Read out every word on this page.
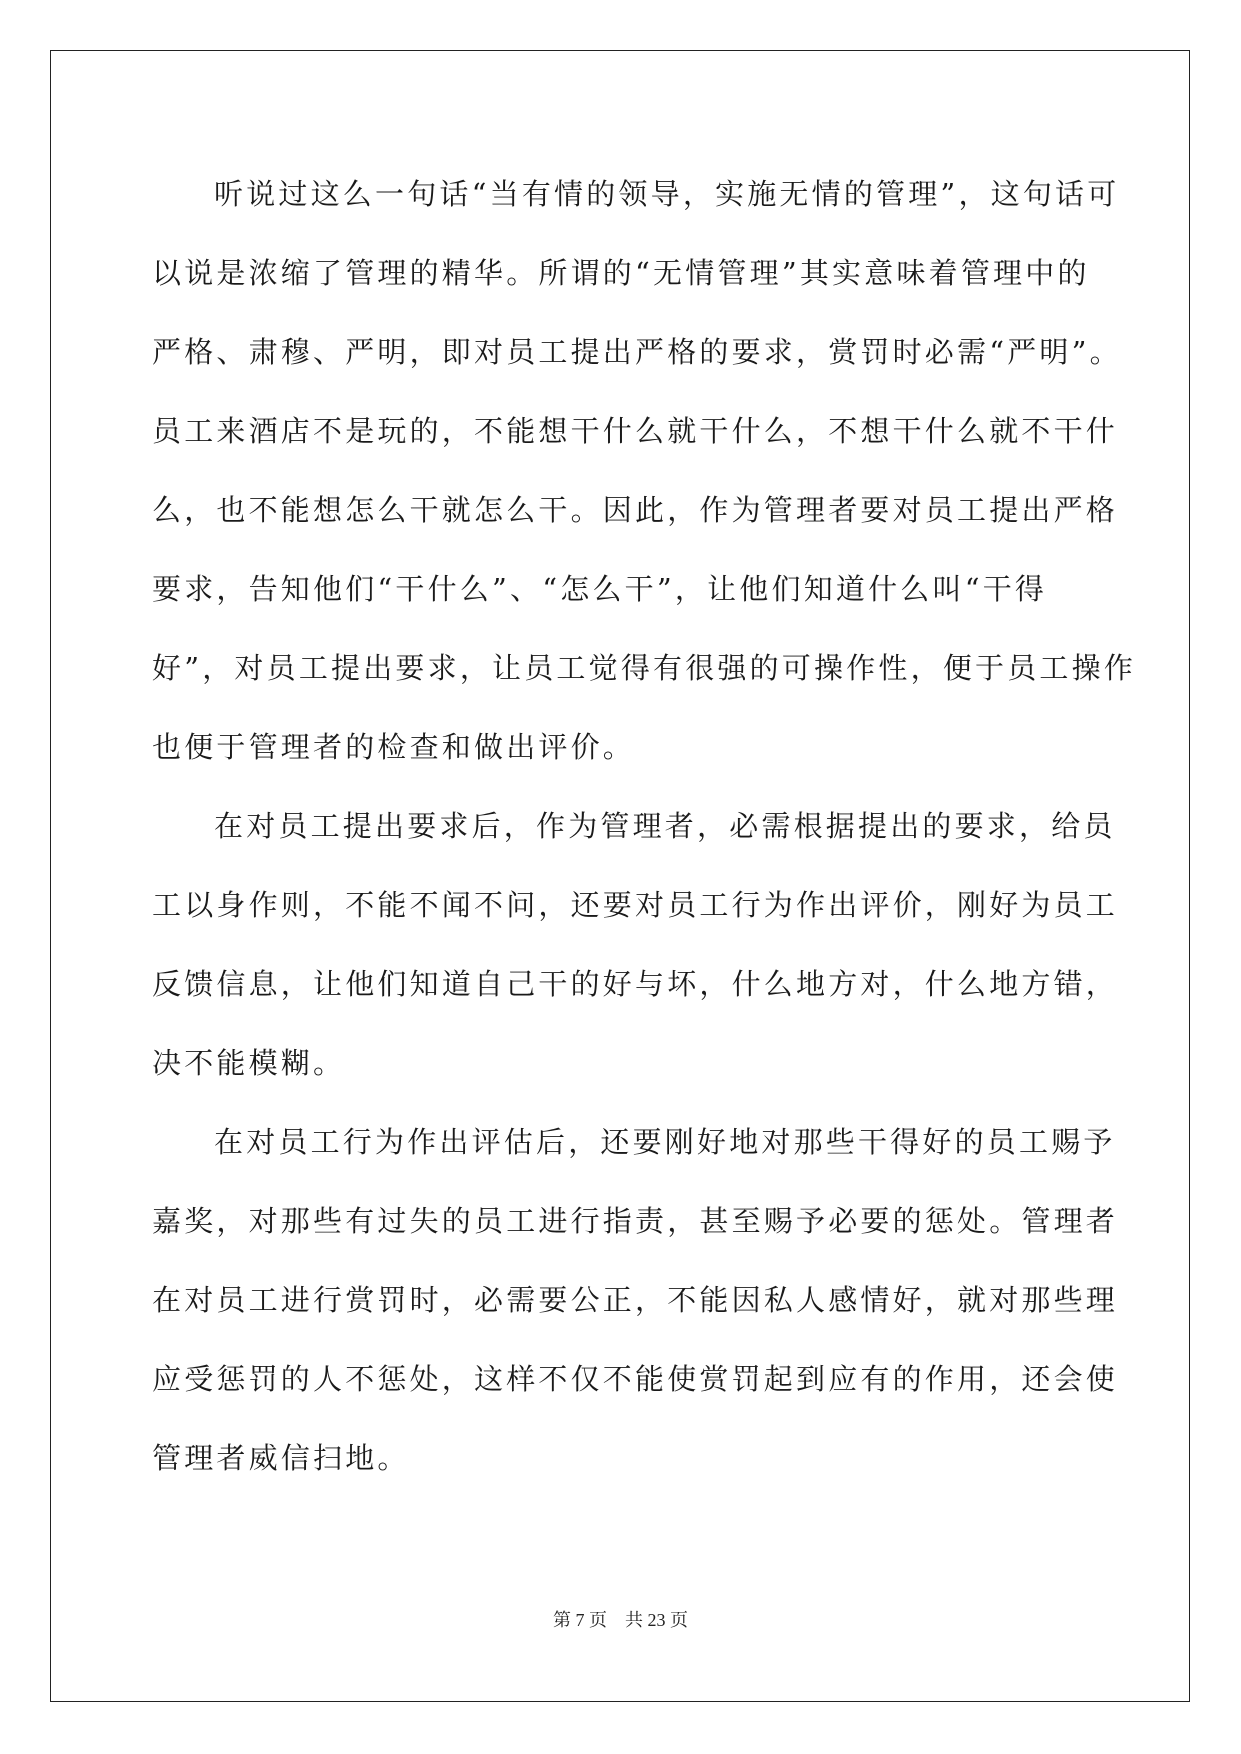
听说过这么一句话“当有情的领导，实施无情的管理”，这句话可
以说是浓缩了管理的精华。所谓的“无情管理”其实意味着管理中的
严格、肃穆、严明，即对员工提出严格的要求，赏罚时必需“严明”。
员工来酒店不是玩的，不能想干什么就干什么，不想干什么就不干什
么，也不能想怎么干就怎么干。因此，作为管理者要对员工提出严格
要求，告知他们“干什么”、“怎么干”，让他们知道什么叫“干得
好”，对员工提出要求，让员工觉得有很强的可操作性，便于员工操作
也便于管理者的检查和做出评价。
在对员工提出要求后，作为管理者，必需根据提出的要求，给员
工以身作则，不能不闻不问，还要对员工行为作出评价，刚好为员工
反馈信息，让他们知道自己干的好与坏，什么地方对，什么地方错，
决不能模糊。
在对员工行为作出评估后，还要刚好地对那些干得好的员工赐予
嘉奖，对那些有过失的员工进行指责，甚至赐予必要的惩处。管理者
在对员工进行赏罚时，必需要公正，不能因私人感情好，就对那些理
应受惩罚的人不惩处，这样不仅不能使赏罚起到应有的作用，还会使
管理者威信扫地。
第 7 页    共 23 页
